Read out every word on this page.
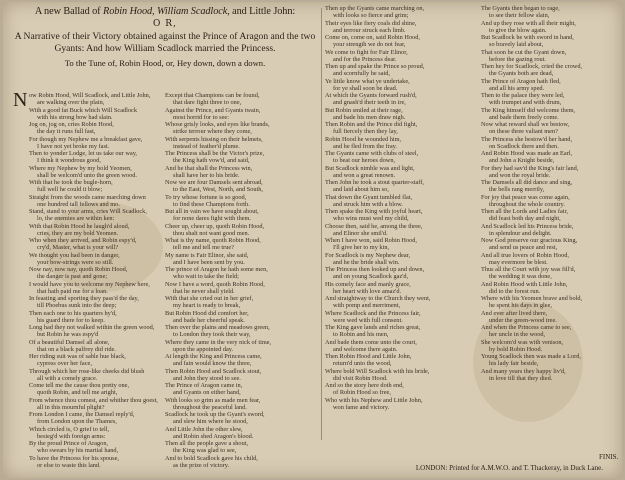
A new Ballad of Robin Hood, William Scadlock, and Little John:
O R,
A Narrative of their Victory obtained against the Prince of Aragon and the two
Gyants: And how William Scadlock married the Princess.
To the Tune of, Robin Hood, or, Hey down, down a down.
N ow Robin Hood, Will Scadlock, and Little John,

are walking over the plain,

With a good fat Buck which Will Scadlock

with his strong bow had slain.

Jog on, jog on, cries Robin Hood,

the day it runs full fast,

For though my Nephew me a breakfast gave,

I have not yet broke my fast.

Then to yonder Lodge, let us take our way,

I think it wondrous good,

Where my Nephew by my bold Yeomen,

shall be welcom'd unto the green wood.

With that he took the bugle-horn,

full well he could it blow;

Straight from the woods came marching down

one hundred tall fellows and mo.

Stand, stand to your arms, cries Will Scadlock,

lo, the enemies are within ken:

With that Robin Hood he laugh'd aloud,

cries, they are my bold Yeomen.

Who when they arrived, and Robin espy'd,

cry'd, Master, what is your will?

We thought you had been in danger,

your bow-strings were so still.

Now nay, now nay, quoth Robin Hood,

the danger is past and gone;

I would have you to welcome my Nephew here,

that hath paid me for a loan.

In feasting and sporting they pass'd the day,

till Phoebus sunk into the deep;

Then each one to his quarters hy'd,

his guard there for to keep.

Long had they not walked within the green wood,

but Robin he was espy'd

Of a beautiful Damsel all alone,

that on a black palfrey did ride.

Her riding suit was of sable hue black,

cypress over her face,

Through which her rose-like cheeks did blush

all with a comely grace.

Come tell me the cause thou pretty one,

quoth Robin, and tell me aright,

From whence thou comest, and whither thou goest,

all in this mournful plight?

From London I came, the Damsel reply'd,

from London upon the Thames,

Which circled is, O grief to tell,

besieg'd with foreign arms:

By the proud Prince of Aragon,

who swears by his martial hand,

To have the Princess for his spouse,

or else to waste this land.

Except that Champions can be found,

that dare fight three to one,

Against the Prince, and Gyants twain,

most horrid for to see:

Whose grisly looks, and eyes like brands,

strike terrour where they come,

With serpents hissing on their helmets,

instead of feather'd plume.

The Princess shall be the Victor's prize,

the King hath vow'd, and said,

And he that shall the Princess win,

shall have her to his bride.

Now we are four Damsels sent abroad,

to the East, West, North, and South,

To try whose fortune is so good,

to find these Champions forth.

But all in vain we have sought about,

for none dares fight with them.

Cheer up, cheer up, quoth Robin Hood,

thou shalt not want good men.

What is thy name, quoth Robin Hood,

tell me and tell me true?

My name is Fair Elinor, she said,

and I have been sent by you.

The prince of Aragon he hath some men,

who wait to take the field;

Now I have a word, quoth Robin Hood,

that he never shall yield.

With that she cried out in her grief,

my heart is ready to break,

But Robin Hood did comfort her,

and bade her cheerful speak.

Then over the plains and meadows green,

to London they took their way,

Where they came in the very nick of time,

upon the appointed day.

At length the King and Princess came,

and fain would know the three,

Then Robin Hood and Scadlock stout,

and John they stood to see.

The Prince of Aragon came in,

and Gyants on either hand,

With looks so grim as made men fear,

throughout the peaceful land.

Scadlock he took up the Gyant's sword,

and slew him where he stood,

And Little John the other slew,

and Robin shed Aragon's blood.

Then all the people gave a shout,

the King was glad to see,

And to bold Scadlock gave his child,

as the prize of victory.

Then up the Gyants came marching on,

with looks so fierce and grim;

Their eyes like fiery coals did shine,

and terrour struck each limb.

Come on, come on, said Robin Hood,

your strength we do not fear,

We come to fight for Fair Elinor,

and for the Princess dear.

Then up and spake the Prince so proud,

and scornfully he said,

Ye little know what ye undertake,

for ye shall soon be dead.

At which the Gyants forward rush'd,

and gnash'd their teeth in ire,

But Robin smiled at their rage,

and bade his men draw nigh.

Then Robin and the Prince did fight,

full fiercely then they lay,

Robin Hood he wounded him,

and he fled from the fray.

The Gyants came with clubs of steel,

to beat our heroes down,

But Scadlock nimble was and light,

and won a great renown.

Then John he took a stout quarter-staff,

and laid about him so,

That down the Gyant tumbled flat,

and struck him with a blow.

Then spake the King with joyful heart,

who wins must wed my child,

Choose then, said he, among the three,

and Elinor she smil'd.

When I have won, said Robin Hood,

I'll give her to my kin,

For Scadlock is my Nephew dear,

and he the bride shall win.

The Princess then looked up and down,

and on young Scadlock gaz'd,

His comely face and manly grace,

her heart with love amaz'd.

And straightway to the Church they went,

with pomp and merriment,

Where Scadlock and the Princess fair,

were wed with full consent.

The King gave lands and riches great,

to Robin and his men,

And bade them come unto the court,

and welcome there again.

Then Robin Hood and Little John,

return'd unto the wood,

Where bold Will Scadlock with his bride,

did visit Robin Hood.

And so the story here doth end,

of Robin Hood so free,

Who with his Nephew and Little John,

won fame and victory.

The Gyants then began to rage,

to see their fellow slain,

And up they rose with all their might,

to give the blow again.

But Scadlock he with sword in hand,

so bravely laid about,

That soon he cut the Gyant down,

before the gazing rout.

Then hey for Scadlock, cried the crowd,

the Gyants both are dead,

The Prince of Aragon hath fled,

and all his army sped.

Then to the palace they were led,

with trumpet and with drum,

The King himself did welcome them,

and bade them freely come.

Now what reward shall we bestow,

on these three valiant men?

The Princess she bestow'd her hand,

on Scadlock there and then.

And Robin Hood was made an Earl,

and John a Knight beside,

For they had sav'd the King's fair land,

and won the royal bride.

The Damsels all did dance and sing,

the bells rang merrily,

For joy that peace was come again,

throughout the whole country.

Then all the Lords and Ladies fair,

did feast both day and night,

And Scadlock led his Princess bride,

in splendour and delight.

Now God preserve our gracious King,

and send us peace and rest,

And all true lovers of Robin Hood,

may evermore be blest.

Thus all the Court with joy was fill'd,

the wedding it was done,

And Robin Hood with Little John,

did to the forest run.

Where with his Yeomen brave and bold,

he spent his days in glee,

And ever after lived there,

under the green-wood tree.

And when the Princess came to see,

her uncle in the wood,

She welcom'd was with venison,

by bold Robin Hood.

Young Scadlock then was made a Lord,

his lady fair beside,

And many years they happy liv'd,

in love till that they died.

LONDON: Printed for A.M.W.O. and T. Thackeray, in Duck Lane.
FINIS.
